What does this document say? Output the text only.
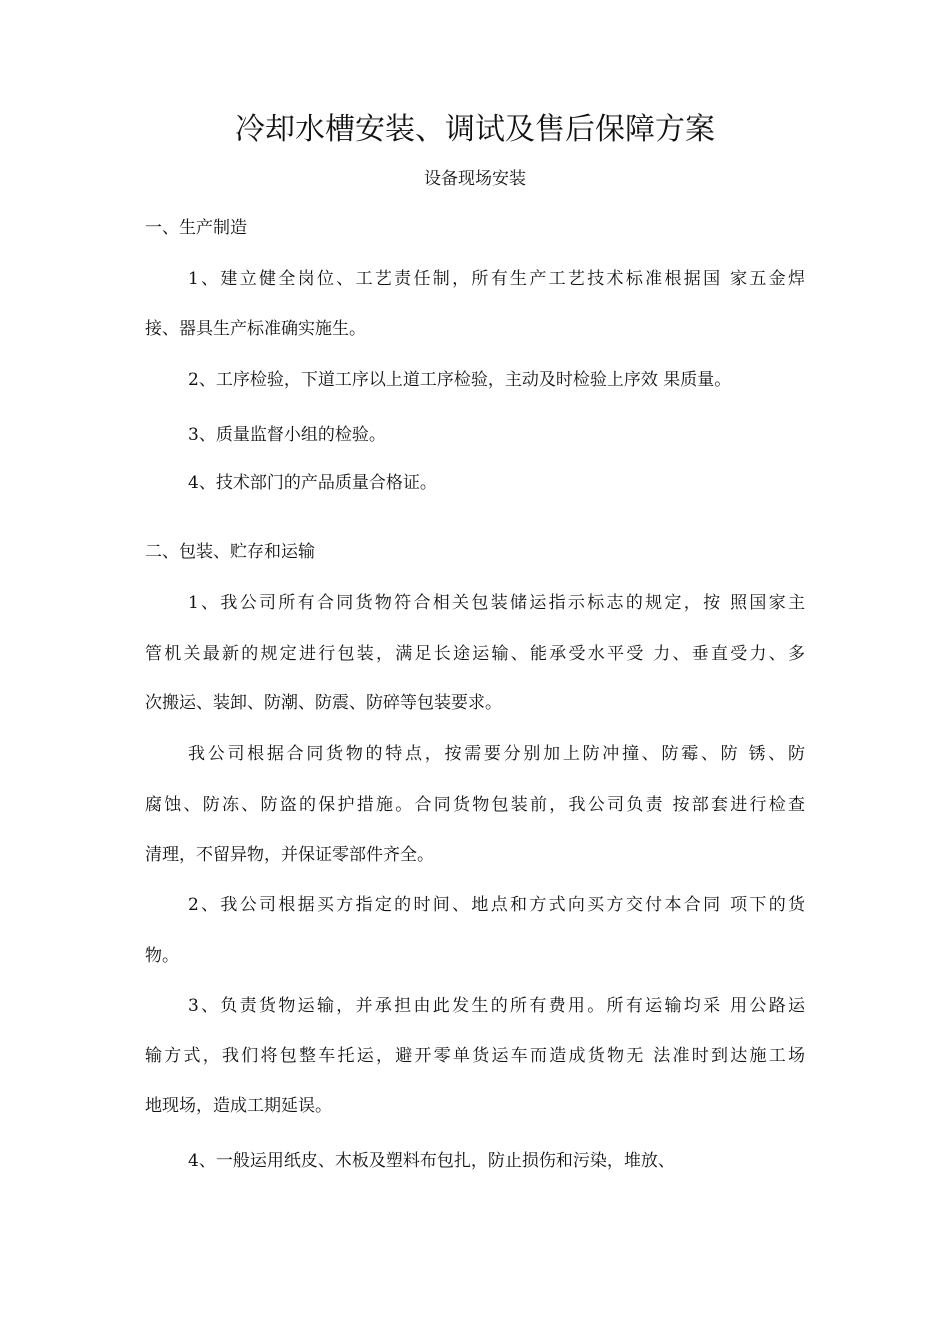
冷却水槽安装、调试及售后保障方案
设备现场安装
一、生产制造
1、建立健全岗位、工艺责任制，所有生产工艺技术标准根据国 家五金焊
接、器具生产标准确实施生。
2、工序检验，下道工序以上道工序检验，主动及时检验上序效 果质量。
3、质量监督小组的检验。
4、技术部门的产品质量合格证。
二、包装、贮存和运输
1、我公司所有合同货物符合相关包装储运指示标志的规定，按 照国家主
管机关最新的规定进行包装，满足长途运输、能承受水平受 力、垂直受力、多
次搬运、装卸、防潮、防震、防碎等包装要求。
我公司根据合同货物的特点，按需要分别加上防冲撞、防霉、防 锈、防
腐蚀、防冻、防盗的保护措施。合同货物包装前，我公司负责 按部套进行检查
清理，不留异物，并保证零部件齐全。
2、我公司根据买方指定的时间、地点和方式向买方交付本合同 项下的货
物。
3、负责货物运输，并承担由此发生的所有费用。所有运输均采 用公路运
输方式，我们将包整车托运，避开零单货运车而造成货物无 法准时到达施工场
地现场，造成工期延误。
4、一般运用纸皮、木板及塑料布包扎，防止损伤和污染，堆放、
